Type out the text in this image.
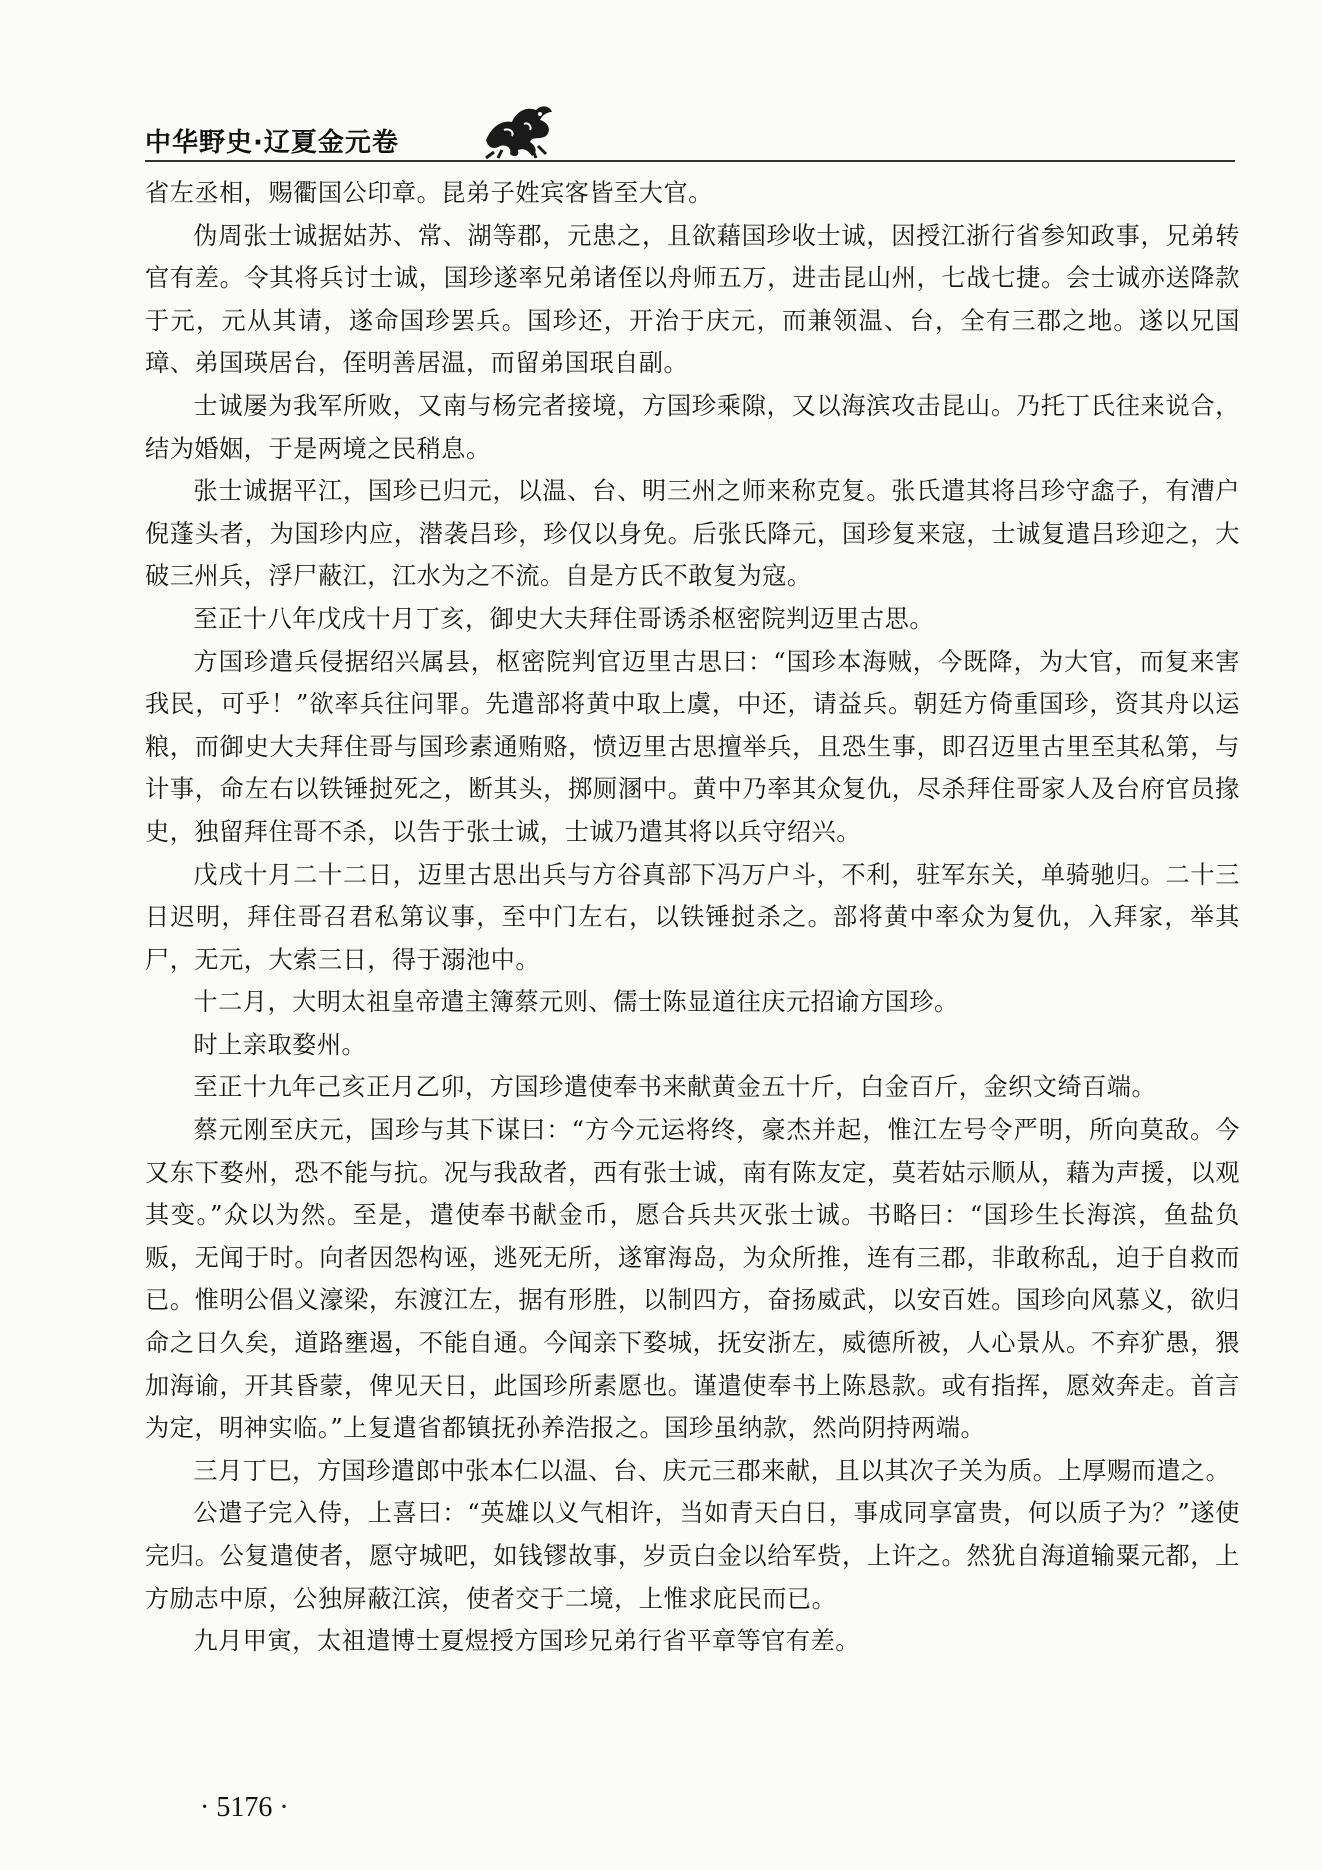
中华野史·辽夏金元卷

省左丞相，赐衢国公印章。昆弟子姓宾客皆至大官。

伪周张士诚据姑苏、常、湖等郡，元患之，且欲藉国珍收士诚，因授江浙行省参知政事，兄弟转官有差。令其将兵讨士诚，国珍遂率兄弟诸侄以舟师五万，进击昆山州，七战七捷。会士诚亦送降款于元，元从其请，遂命国珍罢兵。国珍还，开治于庆元，而兼领温、台，全有三郡之地。遂以兄国璋、弟国瑛居台，侄明善居温，而留弟国珉自副。

士诚屡为我军所败，又南与杨完者接境，方国珍乘隙，又以海滨攻击昆山。乃托丁氏往来说合，结为婚姻，于是两境之民稍息。

张士诚据平江，国珍已归元，以温、台、明三州之师来称克复。张氏遣其将吕珍守嵞子，有漕户倪蓬头者，为国珍内应，潜袭吕珍，珍仅以身免。后张氏降元，国珍复来寇，士诚复遣吕珍迎之，大破三州兵，浮尸蔽江，江水为之不流。自是方氏不敢复为寇。

至正十八年戊戌十月丁亥，御史大夫拜住哥诱杀枢密院判迈里古思。

方国珍遣兵侵据绍兴属县，枢密院判官迈里古思曰：“国珍本海贼，今既降，为大官，而复来害我民，可乎！”欲率兵往问罪。先遣部将黄中取上虞，中还，请益兵。朝廷方倚重国珍，资其舟以运粮，而御史大夫拜住哥与国珍素通贿赂，愤迈里古思擅举兵，且恐生事，即召迈里古里至其私第，与计事，命左右以铁锤挝死之，断其头，掷厕溷中。黄中乃率其众复仇，尽杀拜住哥家人及台府官员掾史，独留拜住哥不杀，以告于张士诚，士诚乃遣其将以兵守绍兴。

戊戌十月二十二日，迈里古思出兵与方谷真部下冯万户斗，不利，驻军东关，单骑驰归。二十三日迟明，拜住哥召君私第议事，至中门左右，以铁锤挝杀之。部将黄中率众为复仇，入拜家，举其尸，无元，大索三日，得于溺池中。

十二月，大明太祖皇帝遣主簿蔡元则、儒士陈显道往庆元招谕方国珍。

时上亲取婺州。

至正十九年己亥正月乙卯，方国珍遣使奉书来献黄金五十斤，白金百斤，金织文绮百端。

蔡元刚至庆元，国珍与其下谋曰：“方今元运将终，豪杰并起，惟江左号令严明，所向莫敌。今又东下婺州，恐不能与抗。况与我敌者，西有张士诚，南有陈友定，莫若姑示顺从，藉为声援，以观其变。”众以为然。至是，遣使奉书献金币，愿合兵共灭张士诚。书略曰：“国珍生长海滨，鱼盐负贩，无闻于时。向者因怨构诬，逃死无所，遂窜海岛，为众所推，连有三郡，非敢称乱，迫于自救而已。惟明公倡义濠梁，东渡江左，据有形胜，以制四方，奋扬威武，以安百姓。国珍向风慕义，欲归命之日久矣，道路壅遏，不能自通。今闻亲下婺城，抚安浙左，威德所被，人心景从。不弃犷愚，猥加海谕，开其昏蒙，俾见天日，此国珍所素愿也。谨遣使奉书上陈恳款。或有指挥，愿效奔走。首言为定，明神实临。”上复遣省都镇抚孙养浩报之。国珍虽纳款，然尚阴持两端。

三月丁巳，方国珍遣郎中张本仁以温、台、庆元三郡来献，且以其次子关为质。上厚赐而遣之。

公遣子完入侍，上喜曰：“英雄以义气相许，当如青天白日，事成同享富贵，何以质子为？”遂使完归。公复遣使者，愿守城吧，如钱镠故事，岁贡白金以给军赀，上许之。然犹自海道输粟元都，上方励志中原，公独屏蔽江滨，使者交于二境，上惟求庇民而已。

九月甲寅，太祖遣博士夏煜授方国珍兄弟行省平章等官有差。

· 5176 ·
